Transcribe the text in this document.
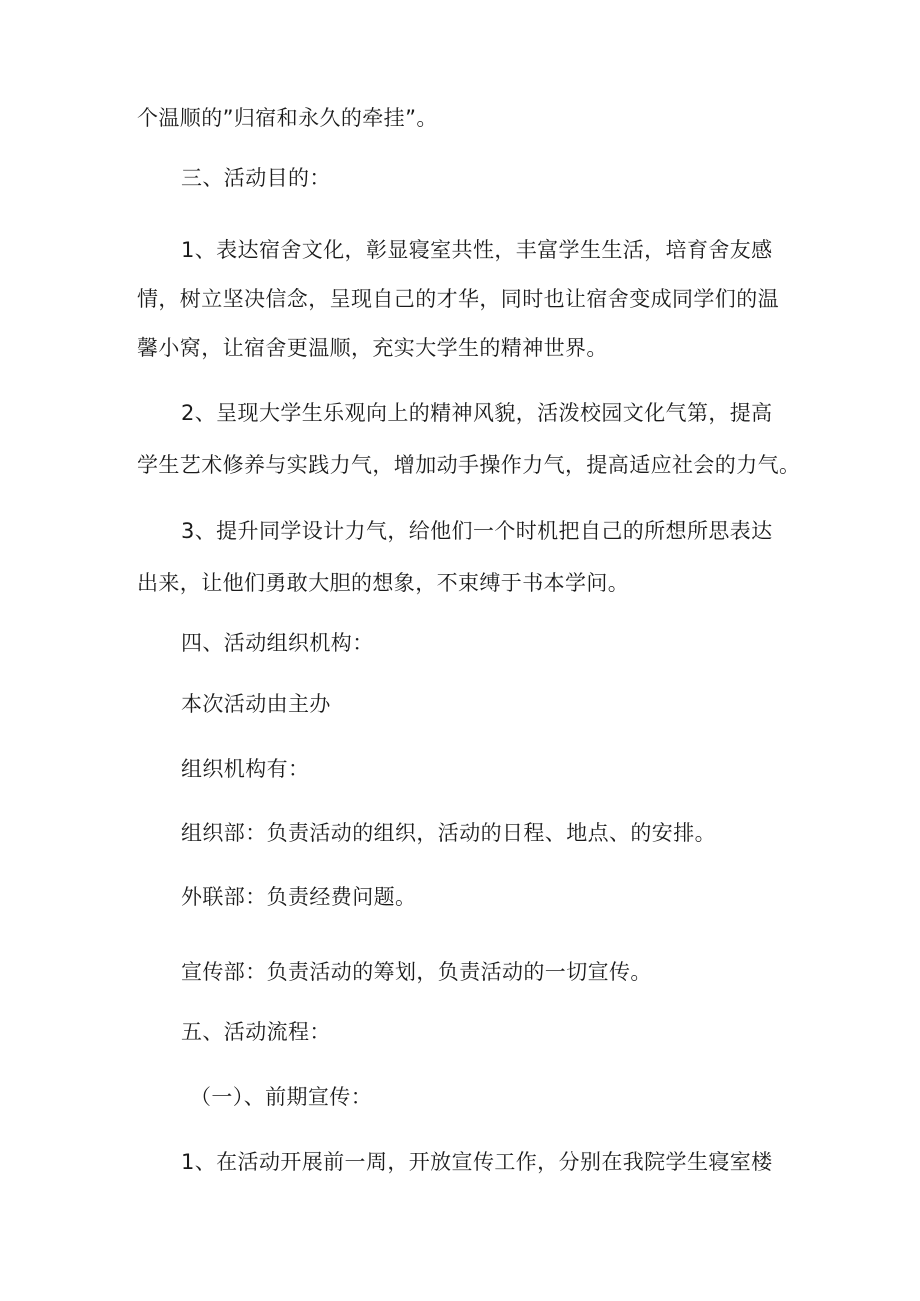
个温顺的”归宿和永久的牵挂”。
三、活动目的：
1、表达宿舍文化，彰显寝室共性，丰富学生生活，培育舍友感
情，树立坚决信念，呈现自己的才华，同时也让宿舍变成同学们的温
馨小窝，让宿舍更温顺，充实大学生的精神世界。
2、呈现大学生乐观向上的精神风貌，活泼校园文化气第，提高
学生艺术修养与实践力气，增加动手操作力气，提高适应社会的力气。
3、提升同学设计力气，给他们一个时机把自己的所想所思表达
出来，让他们勇敢大胆的想象，不束缚于书本学问。
四、活动组织机构：
本次活动由主办
组织机构有：
组织部：负责活动的组织，活动的日程、地点、的安排。
外联部：负责经费问题。
宣传部：负责活动的筹划，负责活动的一切宣传。
五、活动流程：
（一）、前期宣传：
1、在活动开展前一周，开放宣传工作，分别在我院学生寝室楼
